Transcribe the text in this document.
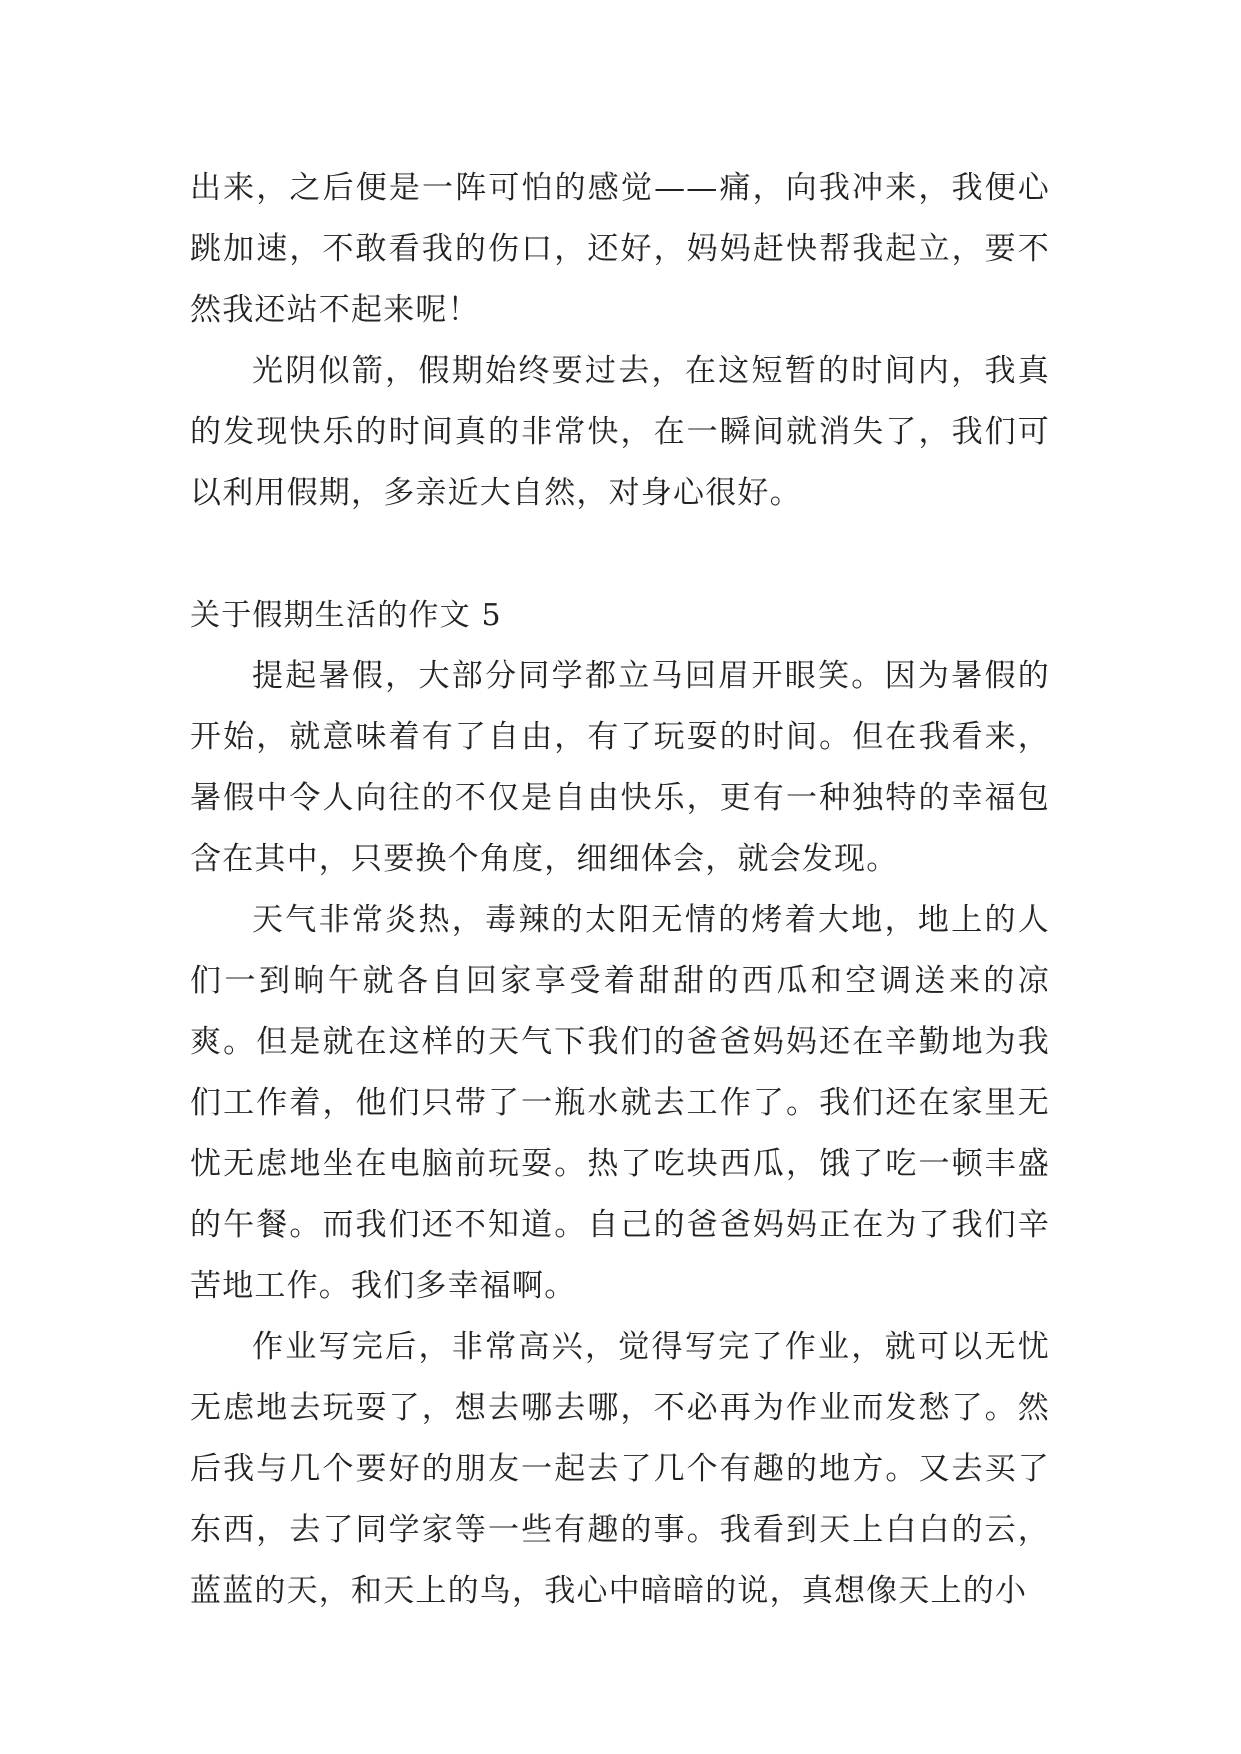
出来，之后便是一阵可怕的感觉——痛，向我冲来，我便心跳加速，不敢看我的伤口，还好，妈妈赶快帮我起立，要不然我还站不起来呢！

光阴似箭，假期始终要过去，在这短暂的时间内，我真的发现快乐的时间真的非常快，在一瞬间就消失了，我们可以利用假期，多亲近大自然，对身心很好。

关于假期生活的作文 5

提起暑假，大部分同学都立马回眉开眼笑。因为暑假的开始，就意味着有了自由，有了玩耍的时间。但在我看来，暑假中令人向往的不仅是自由快乐，更有一种独特的幸福包含在其中，只要换个角度，细细体会，就会发现。

天气非常炎热，毒辣的太阳无情的烤着大地，地上的人们一到晌午就各自回家享受着甜甜的西瓜和空调送来的凉爽。但是就在这样的天气下我们的爸爸妈妈还在辛勤地为我们工作着，他们只带了一瓶水就去工作了。我们还在家里无忧无虑地坐在电脑前玩耍。热了吃块西瓜，饿了吃一顿丰盛的午餐。而我们还不知道。自己的爸爸妈妈正在为了我们辛苦地工作。我们多幸福啊。

作业写完后，非常高兴，觉得写完了作业，就可以无忧无虑地去玩耍了，想去哪去哪，不必再为作业而发愁了。然后我与几个要好的朋友一起去了几个有趣的地方。又去买了东西，去了同学家等一些有趣的事。我看到天上白白的云，蓝蓝的天，和天上的鸟，我心中暗暗的说，真想像天上的小
